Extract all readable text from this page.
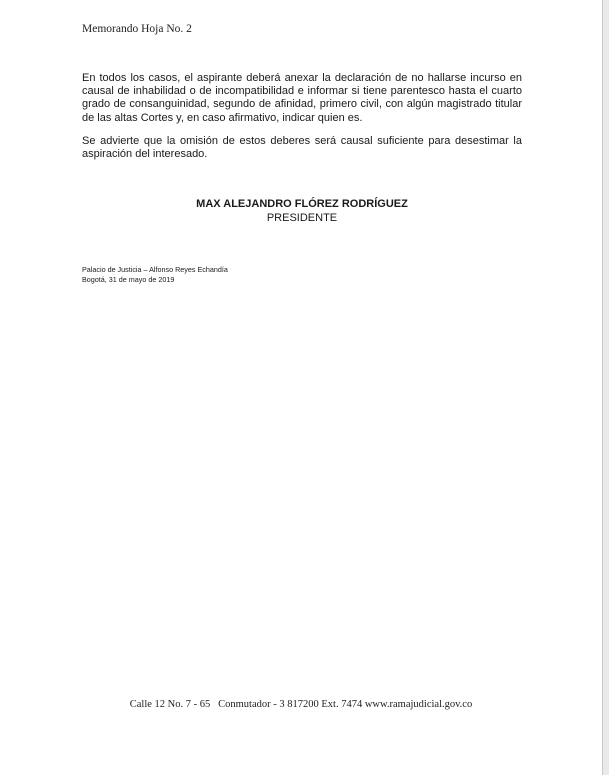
Memorando Hoja No. 2

En todos los casos, el aspirante deberá anexar la declaración de no hallarse incurso en causal de inhabilidad o de incompatibilidad e informar si tiene parentesco hasta el cuarto grado de consanguinidad, segundo de afinidad, primero civil, con algún magistrado titular de las altas Cortes y, en caso afirmativo, indicar quien es.

Se advierte que la omisión de estos deberes será causal suficiente para desestimar la aspiración del interesado.

MAX ALEJANDRO FLÓREZ RODRÍGUEZ
PRESIDENTE
Palacio de Justicia – Alfonso Reyes Echandía
Bogotá, 31 de mayo de 2019
Calle 12 No. 7 - 65   Conmutador - 3 817200 Ext. 7474 www.ramajudicial.gov.co
